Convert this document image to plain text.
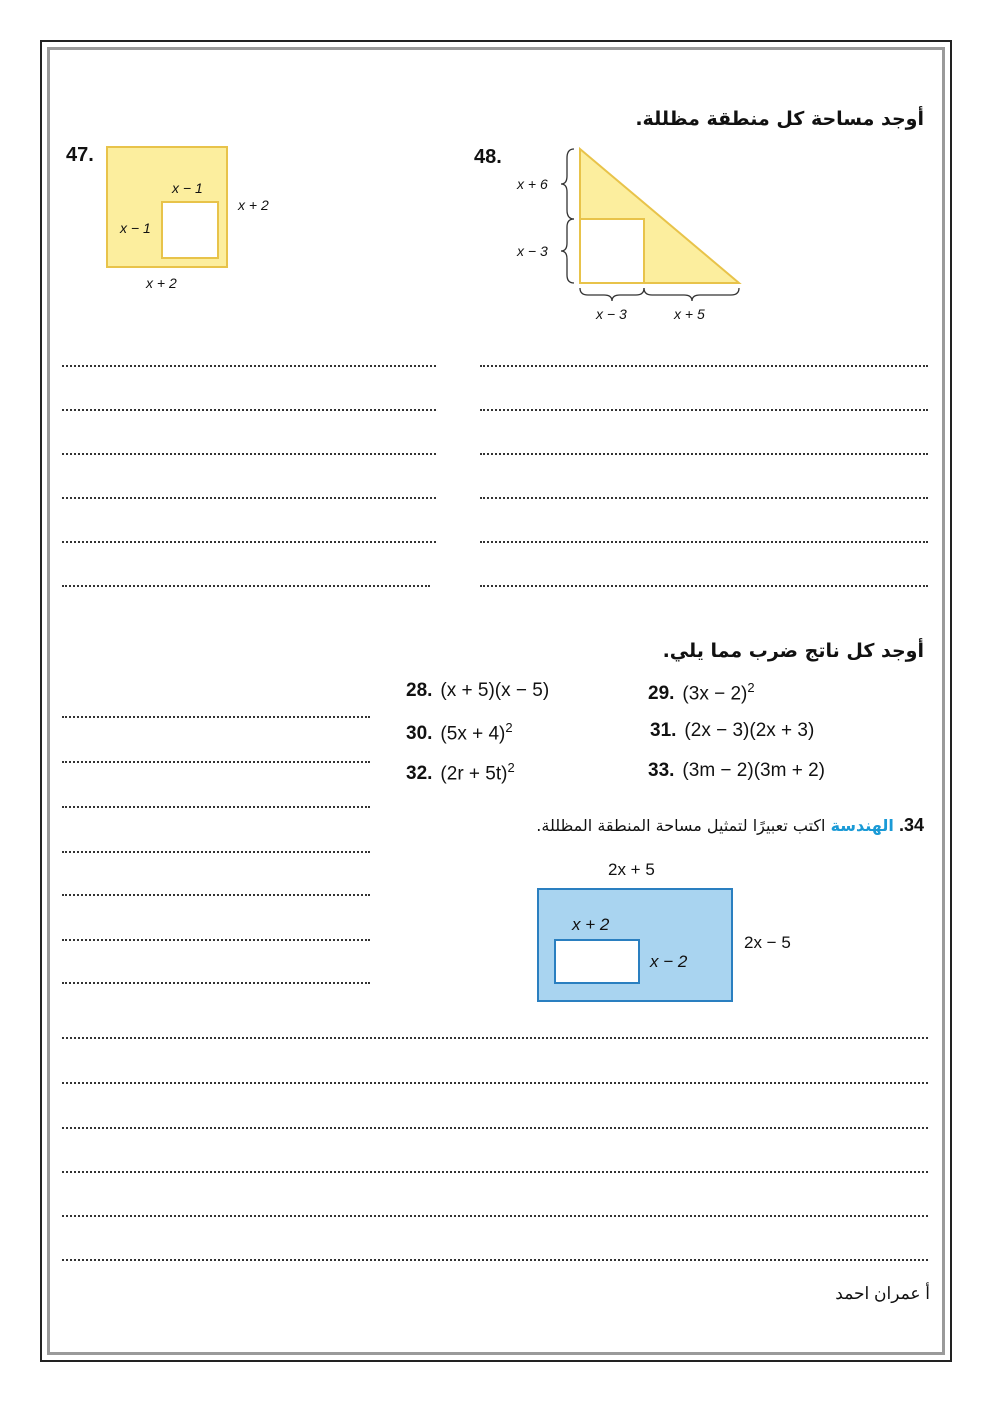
أوجد مساحة كل منطقة مظللة.
47.
x − 1
x − 1
x + 2
x + 2
48.
x + 6
x − 3
x − 3	x + 5
أوجد كل ناتج ضرب مما يلي.
28. (x + 5)(x − 5)	29. $(3x - 2)^2$
30. $(5x + 4)^2$	31. (2x − 3)(2x + 3)
32. $(2r + 5t)^2$	33. (3m − 2)(3m + 2)
34. الهندسة اكتب تعبيرًا لتمثيل مساحة المنطقة المظللة.
2x + 5
2x − 5
x + 2
x − 2
أ عمران احمد
